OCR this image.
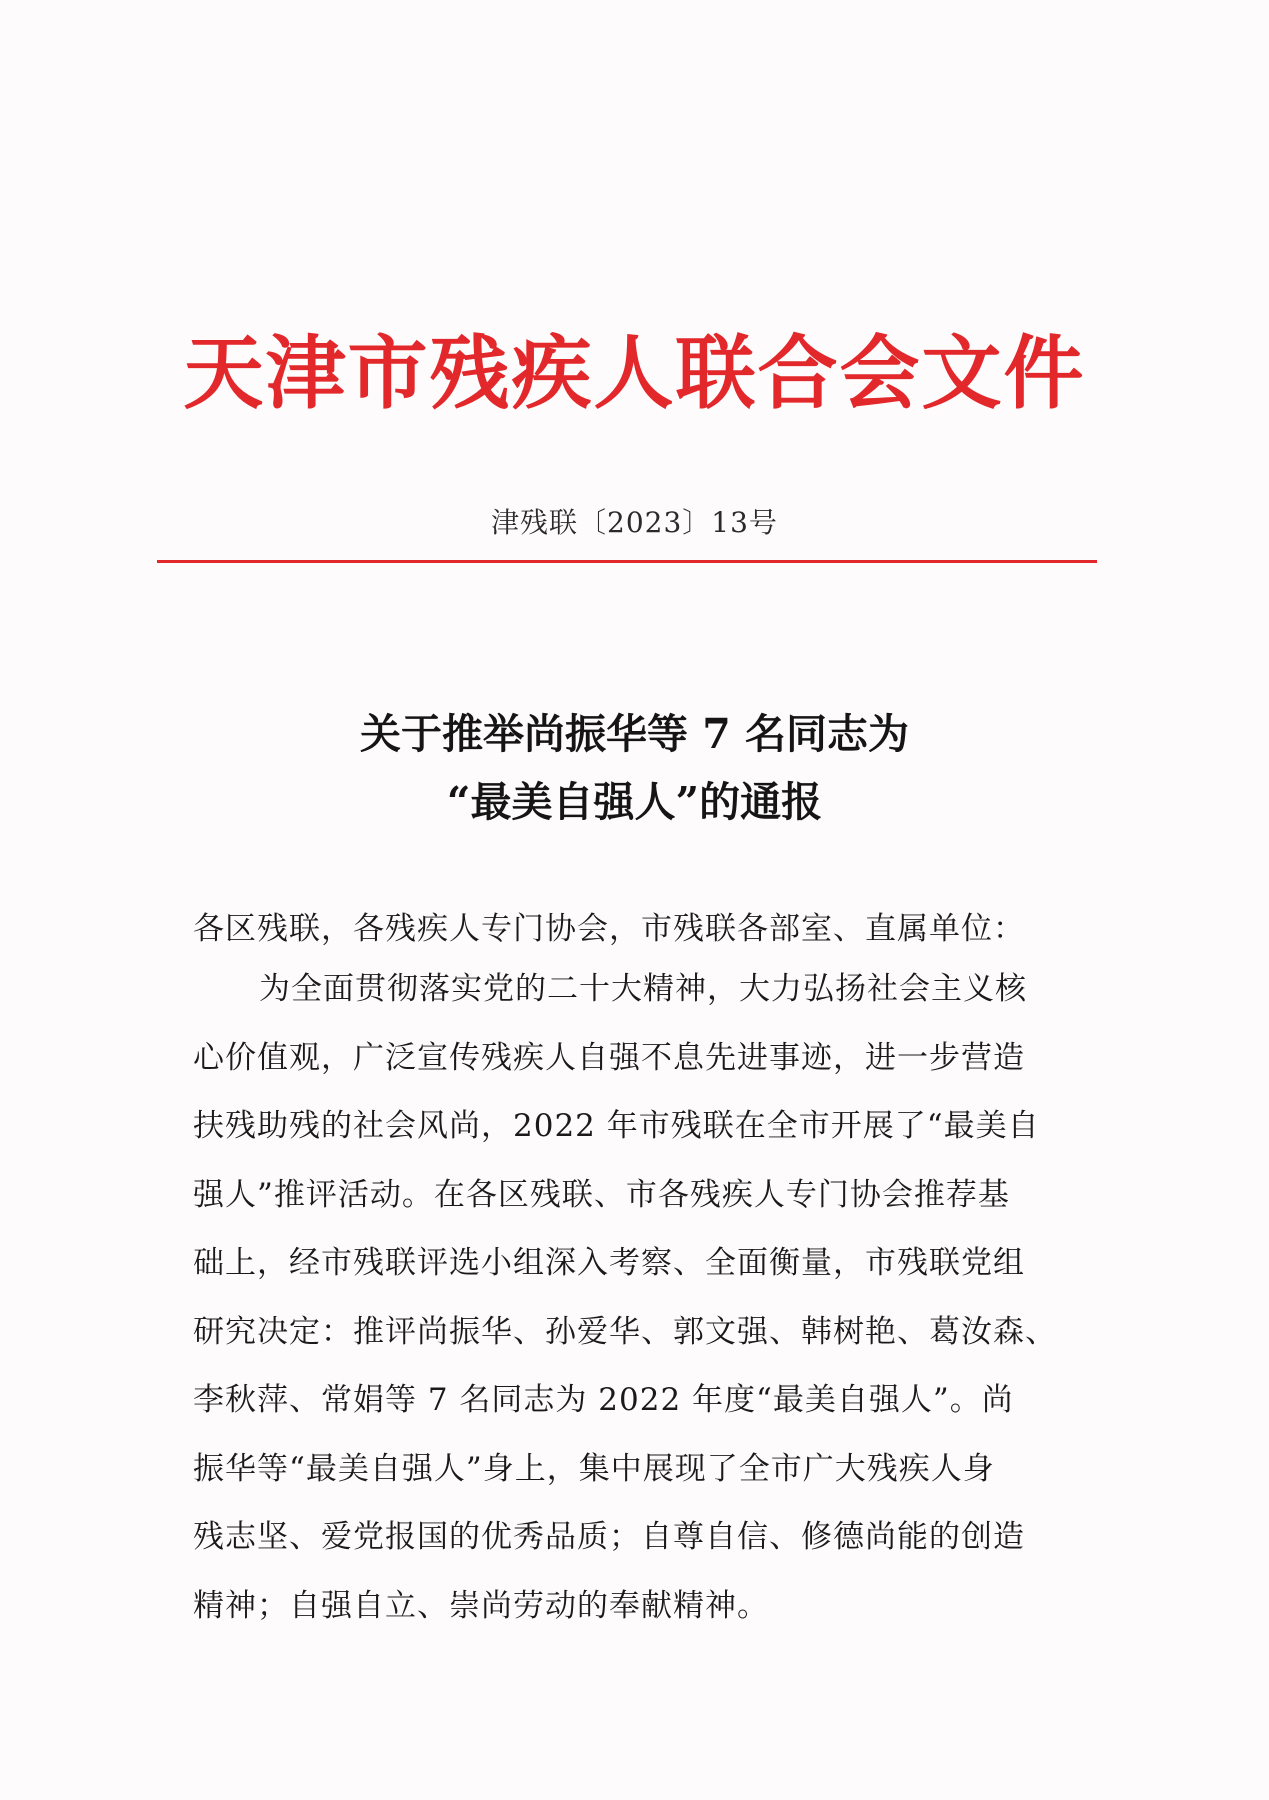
天津市残疾人联合会文件
津残联〔2023〕13号
关于推举尚振华等 7 名同志为
“最美自强人”的通报
各区残联，各残疾人专门协会，市残联各部室、直属单位：
为全面贯彻落实党的二十大精神，大力弘扬社会主义核
心价值观，广泛宣传残疾人自强不息先进事迹，进一步营造
扶残助残的社会风尚，2022 年市残联在全市开展了“最美自
强人”推评活动。在各区残联、市各残疾人专门协会推荐基
础上，经市残联评选小组深入考察、全面衡量，市残联党组
研究决定：推评尚振华、孙爱华、郭文强、韩树艳、葛汝森、
李秋萍、常娟等 7 名同志为 2022 年度“最美自强人”。尚
振华等“最美自强人”身上，集中展现了全市广大残疾人身
残志坚、爱党报国的优秀品质；自尊自信、修德尚能的创造
精神；自强自立、崇尚劳动的奉献精神。
